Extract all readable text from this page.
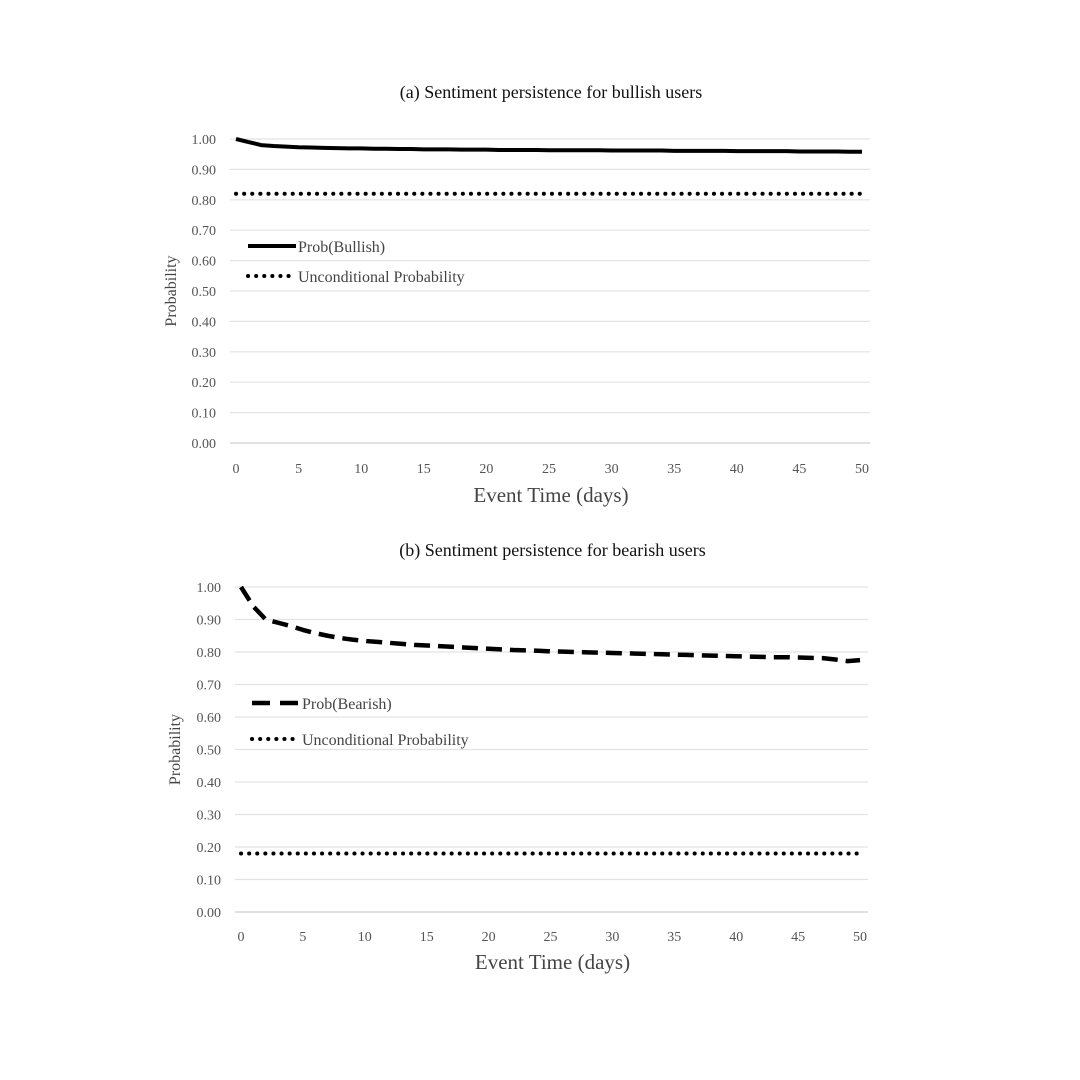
(a) Sentiment persistence for bullish users
0.00
0.10
0.20
0.30
0.40
0.50
0.60
0.70
0.80
0.90
1.00
0	5	10	15	20	25	30	35	40	45	50
Event Time (days)
Probability
Prob(Bullish)
Unconditional Probability
(b) Sentiment persistence for bearish users
0.00
0.10
0.20
0.30
0.40
0.50
0.60
0.70
0.80
0.90
1.00
0	5	10	15	20	25	30	35	40	45	50
Event Time (days)
Probability
Prob(Bearish)
Unconditional Probability
